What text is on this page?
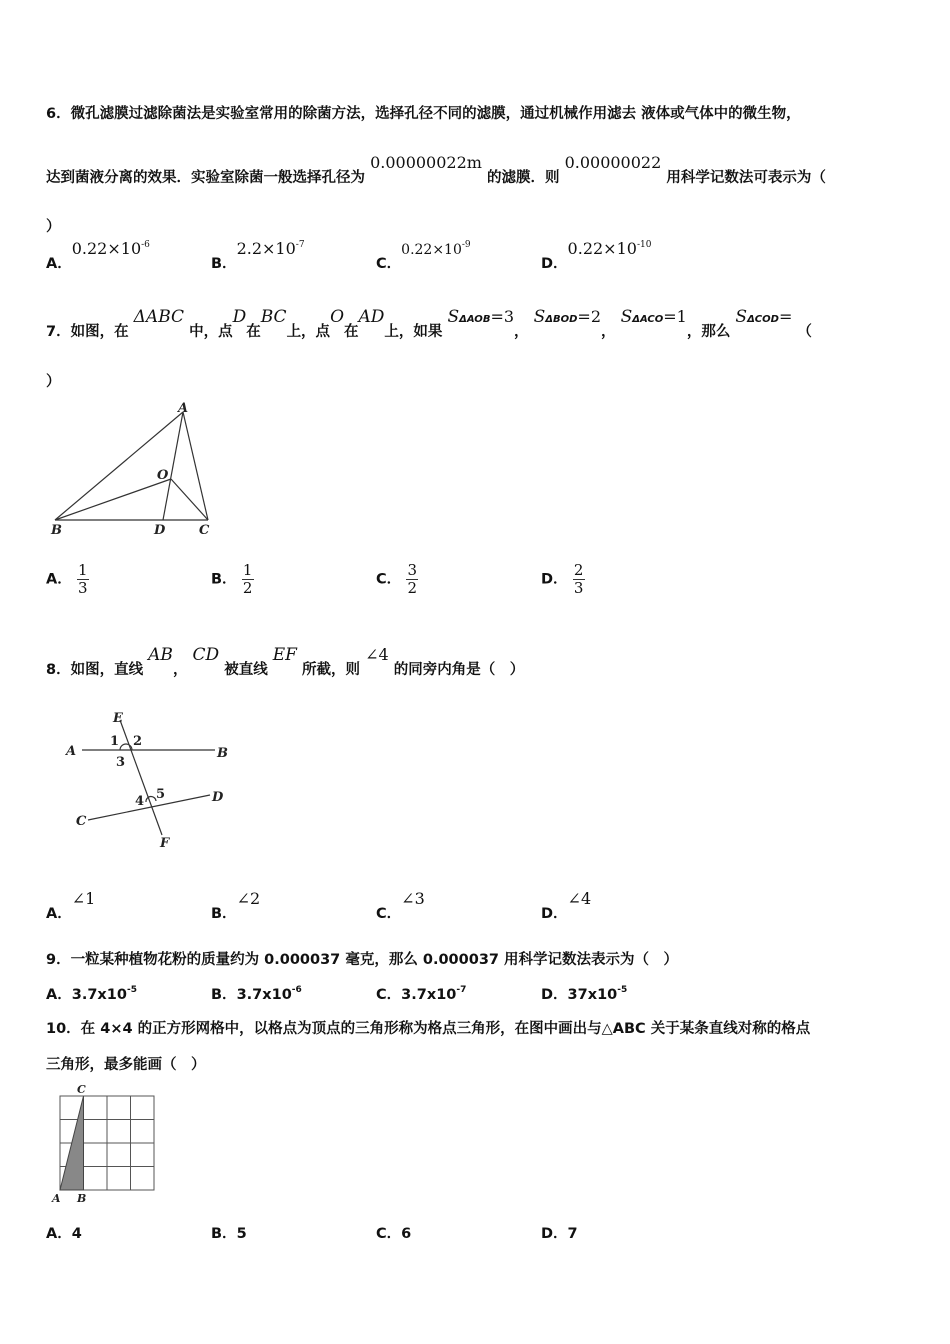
6．微孔滤膜过滤除菌法是实验室常用的除菌方法，选择孔径不同的滤膜，通过机械作用滤去 液体或气体中的微生物，
达到菌液分离的效果．实验室除菌一般选择孔径为 0.00000022m 的滤膜．则 0.00000022 用科学记数法可表示为（
）
A．$0.22\times 10^{-6}$
B．$2.2\times 10^{-7}$
C．$0.22\times 10^{-9}$
D．$0.22\times 10^{-10}$
7．如图，在 ΔABC 中，点D在BC上，点O在AD上，如果 SΔAOB=3， SΔBOD=2， SΔACO=1，那么 SΔCOD= （
）
A
B	C
D
O
A． $\frac{1}{3}$	B． $\frac{1}{2}$	C． $\frac{3}{2}$	D． $\frac{2}{3}$
8．如图，直线 AB， CD 被直线 EF 所截，则 ∠4 的同旁内角是（　）
E
A	B
C
D
F
1 2
3
4 5
A．∠1
B．∠2
C．∠3
D．∠4
9．一粒某种植物花粉的质量约为 0.000037 毫克，那么 0.000037 用科学记数法表示为（　）
A．$3.7x10^{-5}$	B．$3.7x10^{-6}$	C．$3.7x10^{-7}$	D．$37x10^{-5}$
10．在 4×4 的正方形网格中，以格点为顶点的三角形称为格点三角形，在图中画出与△ABC 关于某条直线对称的格点
三角形，最多能画（　）
C
A B
A．4	B．5	C．6	D．7
